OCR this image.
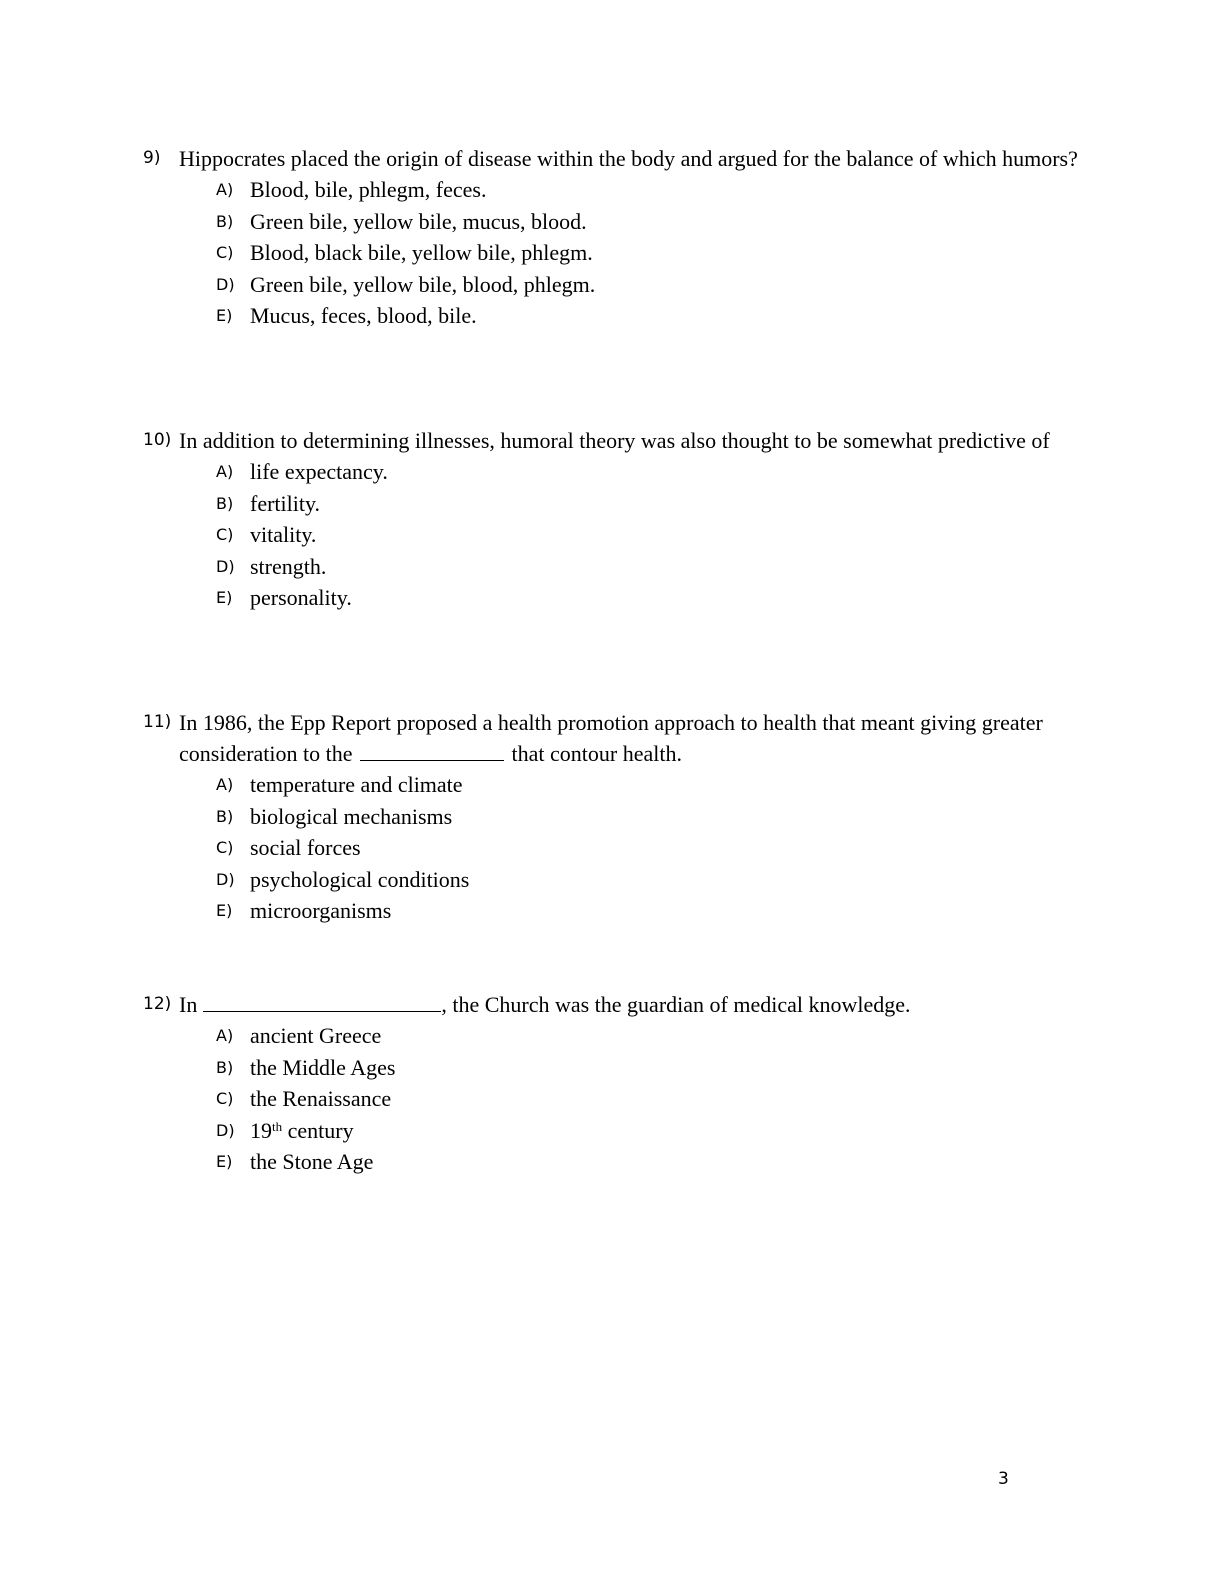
9) Hippocrates placed the origin of disease within the body and argued for the balance of which humors?

A) Blood, bile, phlegm, feces.
B) Green bile, yellow bile, mucus, blood.
C) Blood, black bile, yellow bile, phlegm.
D) Green bile, yellow bile, blood, phlegm.
E) Mucus, feces, blood, bile.

10) In addition to determining illnesses, humoral theory was also thought to be somewhat predictive of

A) life expectancy.
B) fertility.
C) vitality.
D) strength.
E) personality.

11) In 1986, the Epp Report proposed a health promotion approach to health that meant giving greater consideration to the	that contour health.

A) temperature and climate
B) biological mechanisms
C) social forces
D) psychological conditions
E) microorganisms

12) In	, the Church was the guardian of medical knowledge.

A) ancient Greece
B) the Middle Ages
C) the Renaissance
D) 19th century
E) the Stone Age
3
